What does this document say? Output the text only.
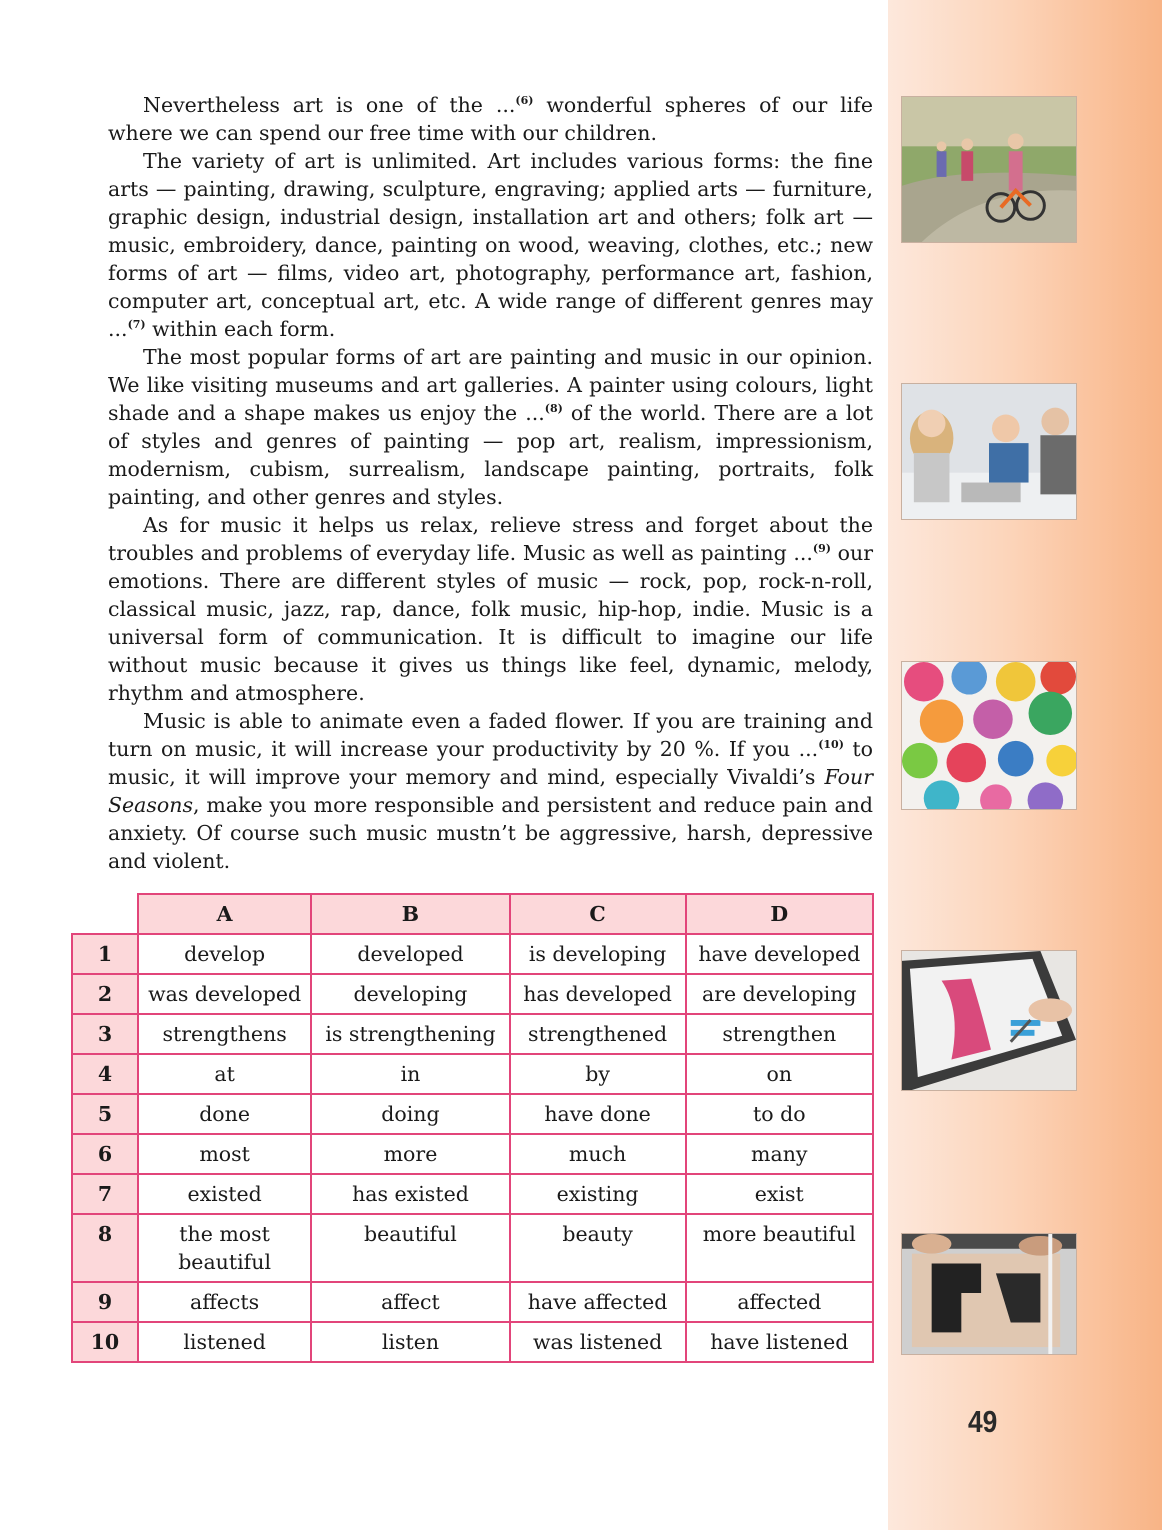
Nevertheless art is one of the ...$^{(6)}$ wonderful spheres of our life where we can spend our free time with our children.

The variety of art is unlimited. Art includes various forms: the fine arts — painting, drawing, sculpture, engraving; applied arts — furniture, graphic design, industrial design, installation art and others; folk art — music, embroidery, dance, painting on wood, weaving, clothes, etc.; new forms of art — films, video art, photography, performance art, fashion, computer art, conceptual art, etc. A wide range of different genres may ...$^{(7)}$ within each form.

The most popular forms of art are painting and music in our opinion. We like visiting museums and art galleries. A painter using colours, light shade and a shape makes us enjoy the ...$^{(8)}$ of the world. There are a lot of styles and genres of painting — pop art, realism, impressionism, modernism, cubism, surrealism, landscape painting, portraits, folk painting, and other genres and styles.

As for music it helps us relax, relieve stress and forget about the troubles and problems of everyday life. Music as well as painting ...$^{(9)}$ our emotions. There are different styles of music — rock, pop, rock-n-roll, classical music, jazz, rap, dance, folk music, hip-hop, indie. Music is a universal form of communication. It is difficult to imagine our life without music because it gives us things like feel, dynamic, melody, rhythm and atmosphere.

Music is able to animate even a faded flower. If you are training and turn on music, it will increase your productivity by 20 %. If you ...$^{(10)}$ to music, it will improve your memory and mind, especially Vivaldi’s Four Seasons, make you more responsible and persistent and reduce pain and anxiety. Of course such music mustn’t be aggressive, harsh, depressive and violent.

	A	B	C	D
1	develop	developed	is developing	have developed
2	was developed	developing	has developed	are developing
3	strengthens	is strengthening	strengthened	strengthen
4	at	in	by	on
5	done	doing	have done	to do
6	most	more	much	many
7	existed	has existed	existing	exist
8	the most beautiful	beautiful	beauty	more beautiful
9	affects	affect	have affected	affected
10	listened	listen	was listened	have listened
49
